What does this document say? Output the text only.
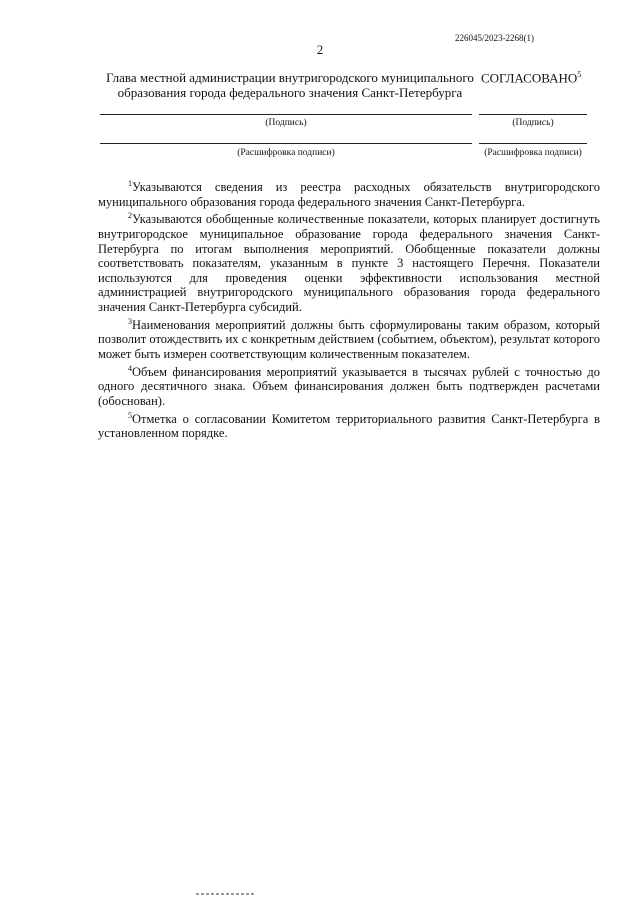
226045/2023-2268(1)
2
Глава местной администрации внутригородского муниципального образования города федерального значения Санкт-Петербурга
СОГЛАСОВАНО$^5$
(Подпись)	(Подпись)
(Расшифровка подписи)	(Расшифровка подписи)

$^1$Указываются сведения из реестра расходных обязательств внутригородского муниципального образования города федерального значения Санкт-Петербурга.

$^2$Указываются обобщенные количественные показатели, которых планирует достигнуть внутригородское муниципальное образование города федерального значения Санкт-Петербурга по итогам выполнения мероприятий. Обобщенные показатели должны соответствовать показателям, указанным в пункте 3 настоящего Перечня. Показатели используются для проведения оценки эффективности использования местной администрацией внутригородского муниципального образования города федерального значения Санкт-Петербурга субсидий.

$^3$Наименования мероприятий должны быть сформулированы таким образом, который позволит отождествить их с конкретным действием (событием, объектом), результат которого может быть измерен соответствующим количественным показателем.

$^4$Объем финансирования мероприятий указывается в тысячах рублей с точностью до одного десятичного знака. Объем финансирования должен быть подтвержден расчетами (обоснован).

$^5$Отметка о согласовании Комитетом территориального развития Санкт-Петербурга в установленном порядке.
